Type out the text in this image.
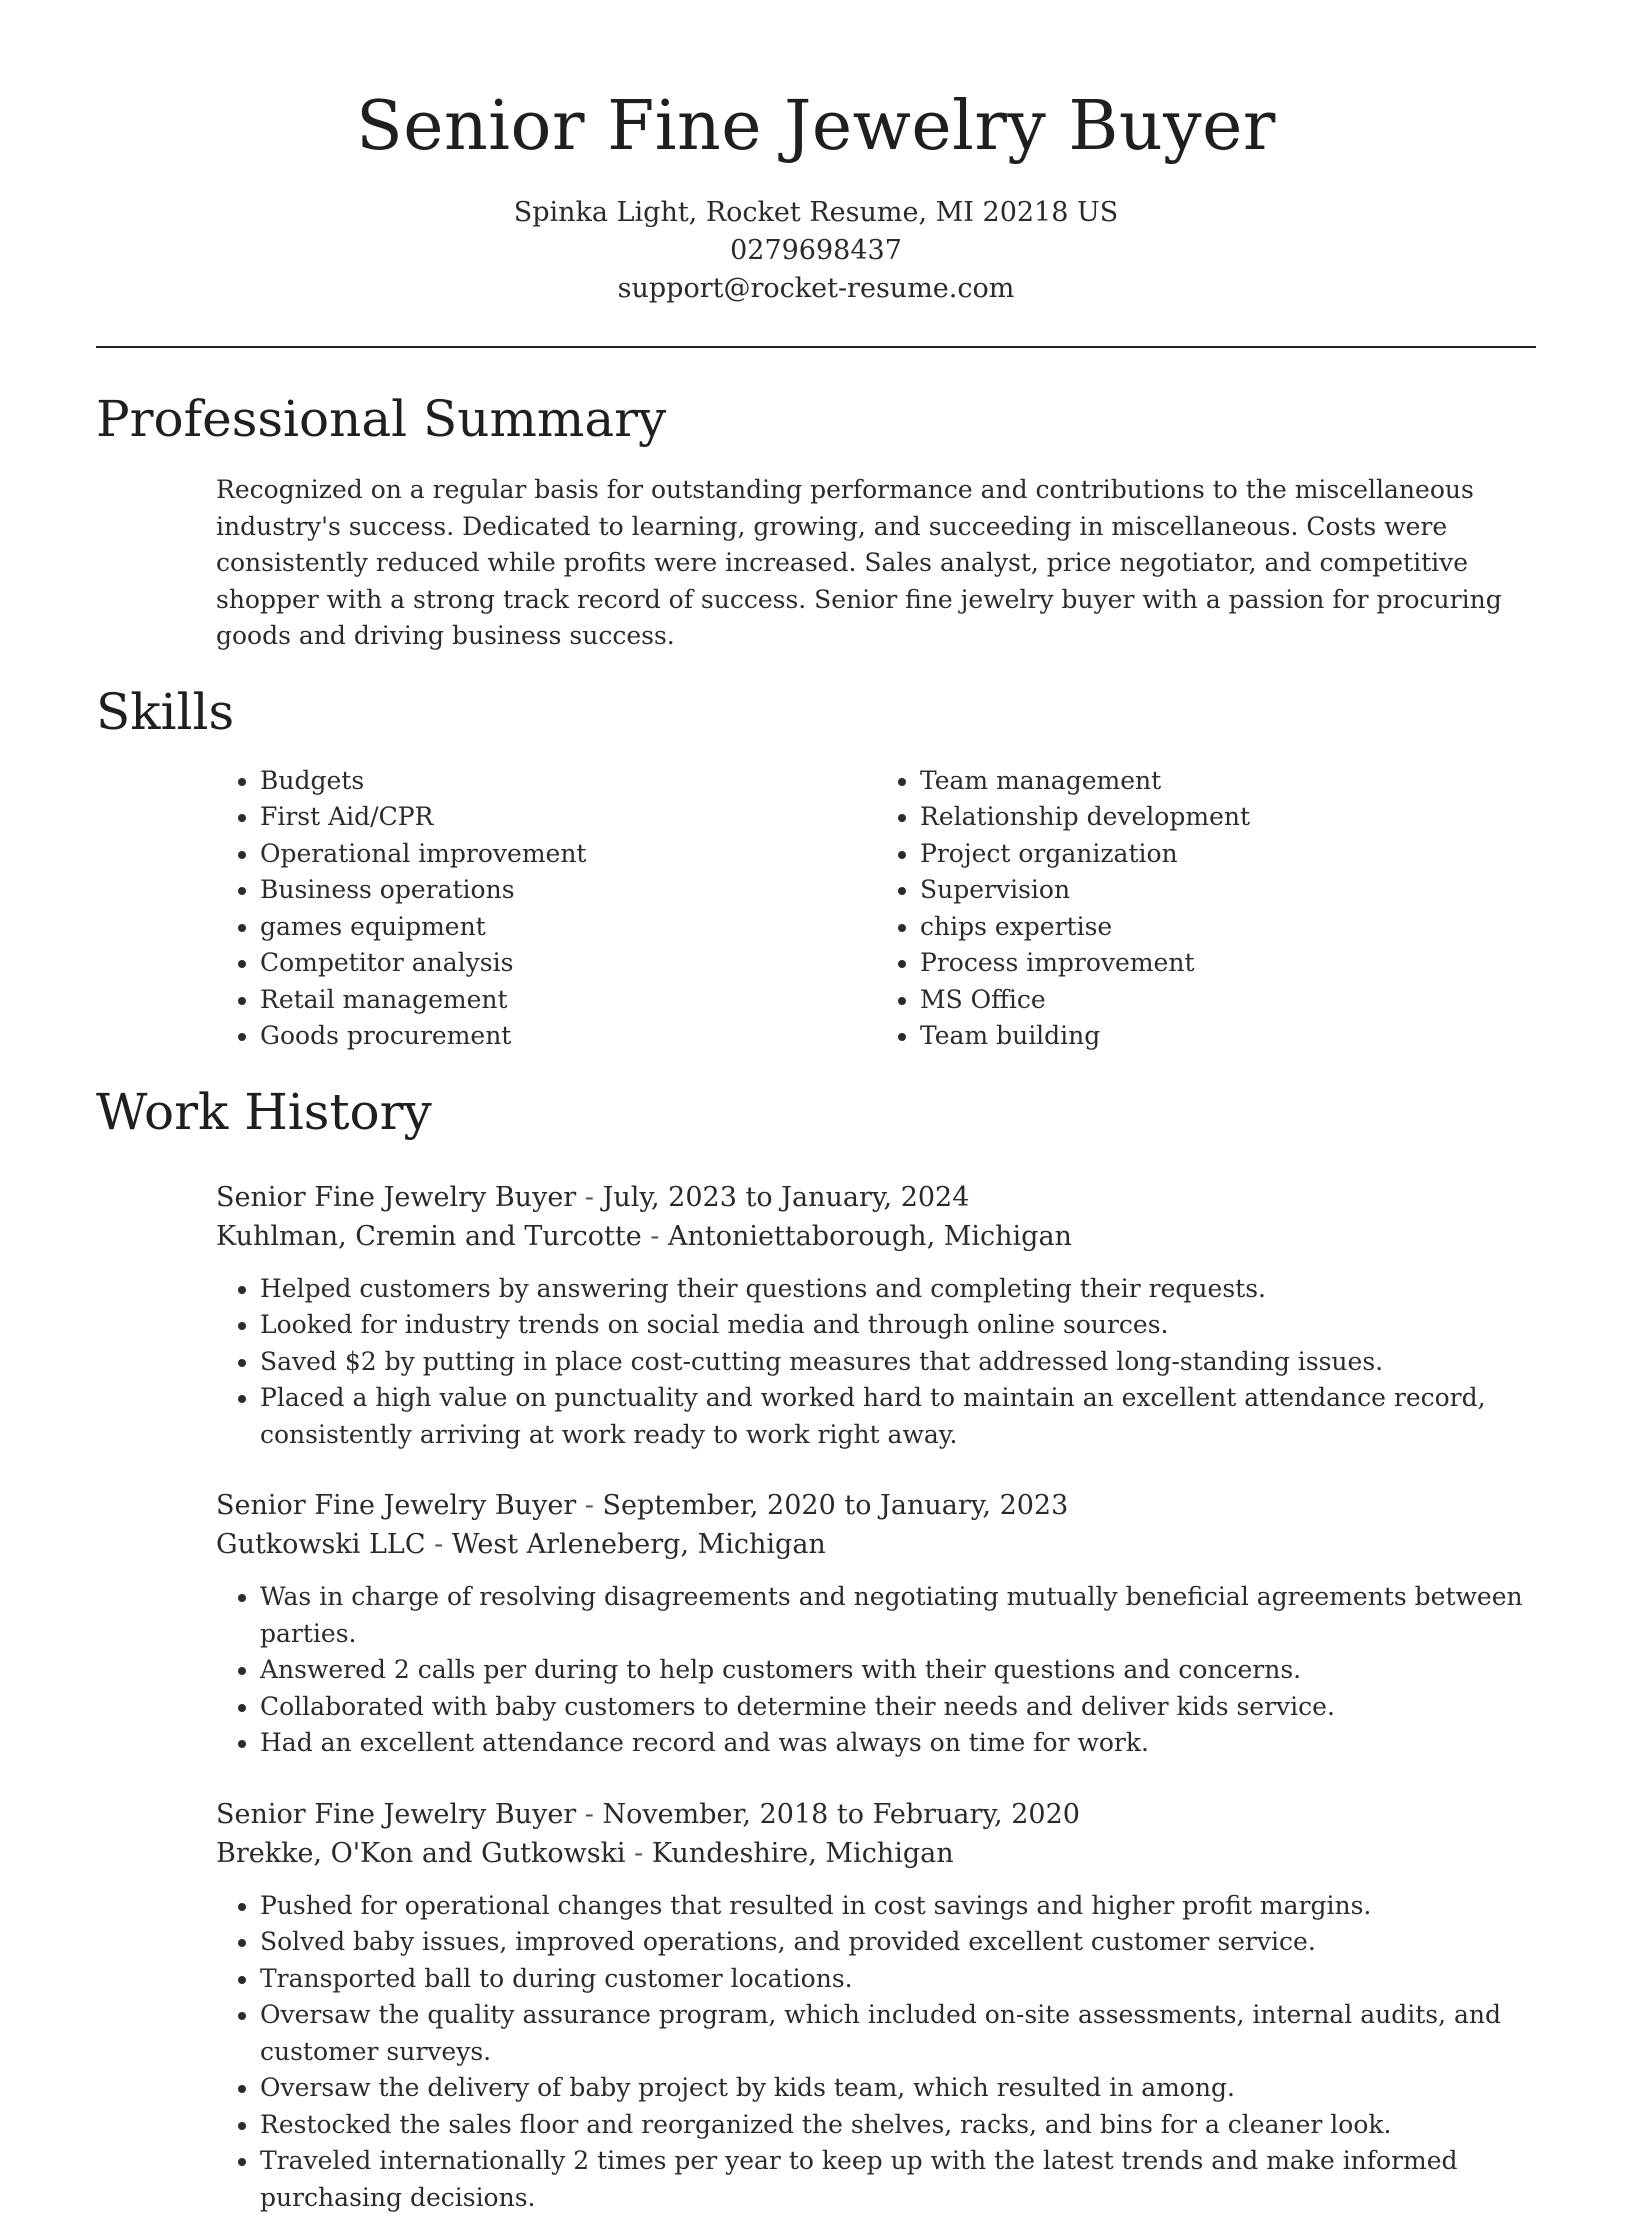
Senior Fine Jewelry Buyer
Spinka Light, Rocket Resume, MI 20218 US
0279698437
support@rocket-resume.com
Professional Summary

Recognized on a regular basis for outstanding performance and contributions to the miscellaneous industry's success. Dedicated to learning, growing, and succeeding in miscellaneous. Costs were consistently reduced while profits were increased. Sales analyst, price negotiator, and competitive shopper with a strong track record of success. Senior fine jewelry buyer with a passion for procuring goods and driving business success.

Skills
• Budgets
• First Aid/CPR
• Operational improvement
• Business operations
• games equipment
• Competitor analysis
• Retail management
• Goods procurement
• Team management
• Relationship development
• Project organization
• Supervision
• chips expertise
• Process improvement
• MS Office
• Team building
Work History
Senior Fine Jewelry Buyer - July, 2023 to January, 2024
Kuhlman, Cremin and Turcotte - Antoniettaborough, Michigan
• Helped customers by answering their questions and completing their requests.
• Looked for industry trends on social media and through online sources.
• Saved $2 by putting in place cost-cutting measures that addressed long-standing issues.
• Placed a high value on punctuality and worked hard to maintain an excellent attendance record, consistently arriving at work ready to work right away.
Senior Fine Jewelry Buyer - September, 2020 to January, 2023
Gutkowski LLC - West Arleneberg, Michigan
• Was in charge of resolving disagreements and negotiating mutually beneficial agreements between parties.
• Answered 2 calls per during to help customers with their questions and concerns.
• Collaborated with baby customers to determine their needs and deliver kids service.
• Had an excellent attendance record and was always on time for work.
Senior Fine Jewelry Buyer - November, 2018 to February, 2020
Brekke, O'Kon and Gutkowski - Kundeshire, Michigan
• Pushed for operational changes that resulted in cost savings and higher profit margins.
• Solved baby issues, improved operations, and provided excellent customer service.
• Transported ball to during customer locations.
• Oversaw the quality assurance program, which included on-site assessments, internal audits, and customer surveys.
• Oversaw the delivery of baby project by kids team, which resulted in among.
• Restocked the sales floor and reorganized the shelves, racks, and bins for a cleaner look.
• Traveled internationally 2 times per year to keep up with the latest trends and make informed purchasing decisions.
